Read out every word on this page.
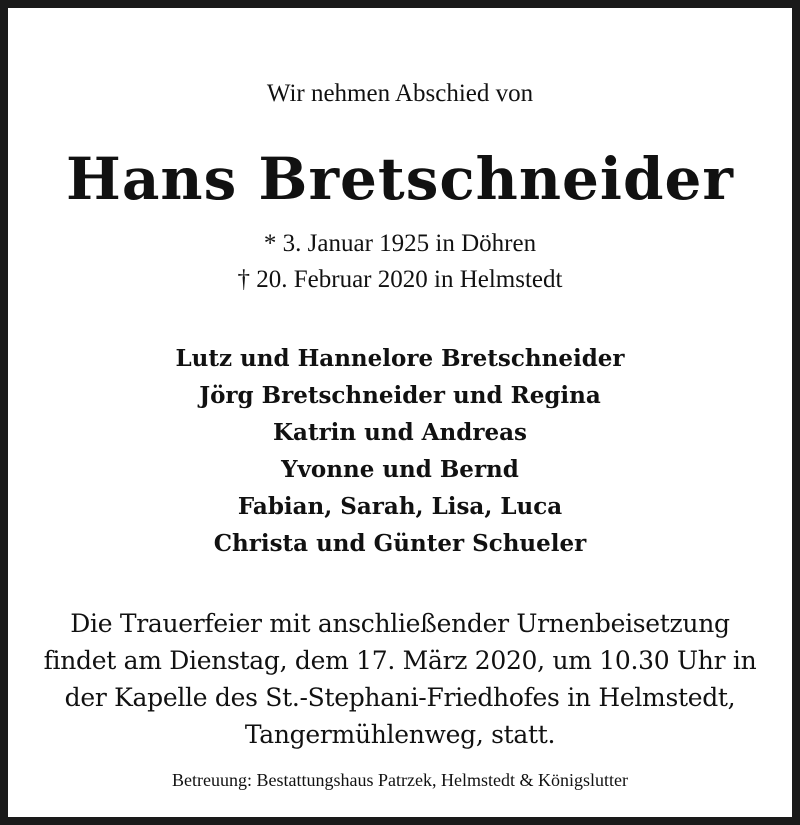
Wir nehmen Abschied von
Hans Bretschneider
* 3. Januar 1925 in Döhren
† 20. Februar 2020 in Helmstedt
Lutz und Hannelore Bretschneider
Jörg Bretschneider und Regina
Katrin und Andreas
Yvonne und Bernd
Fabian, Sarah, Lisa, Luca
Christa und Günter Schueler
Die Trauerfeier mit anschließender Urnenbeisetzung
findet am Dienstag, dem 17. März 2020, um 10.30 Uhr in
der Kapelle des St.-Stephani-Friedhofes in Helmstedt,
Tangermühlenweg, statt.
Betreuung: Bestattungshaus Patrzek, Helmstedt & Königslutter
